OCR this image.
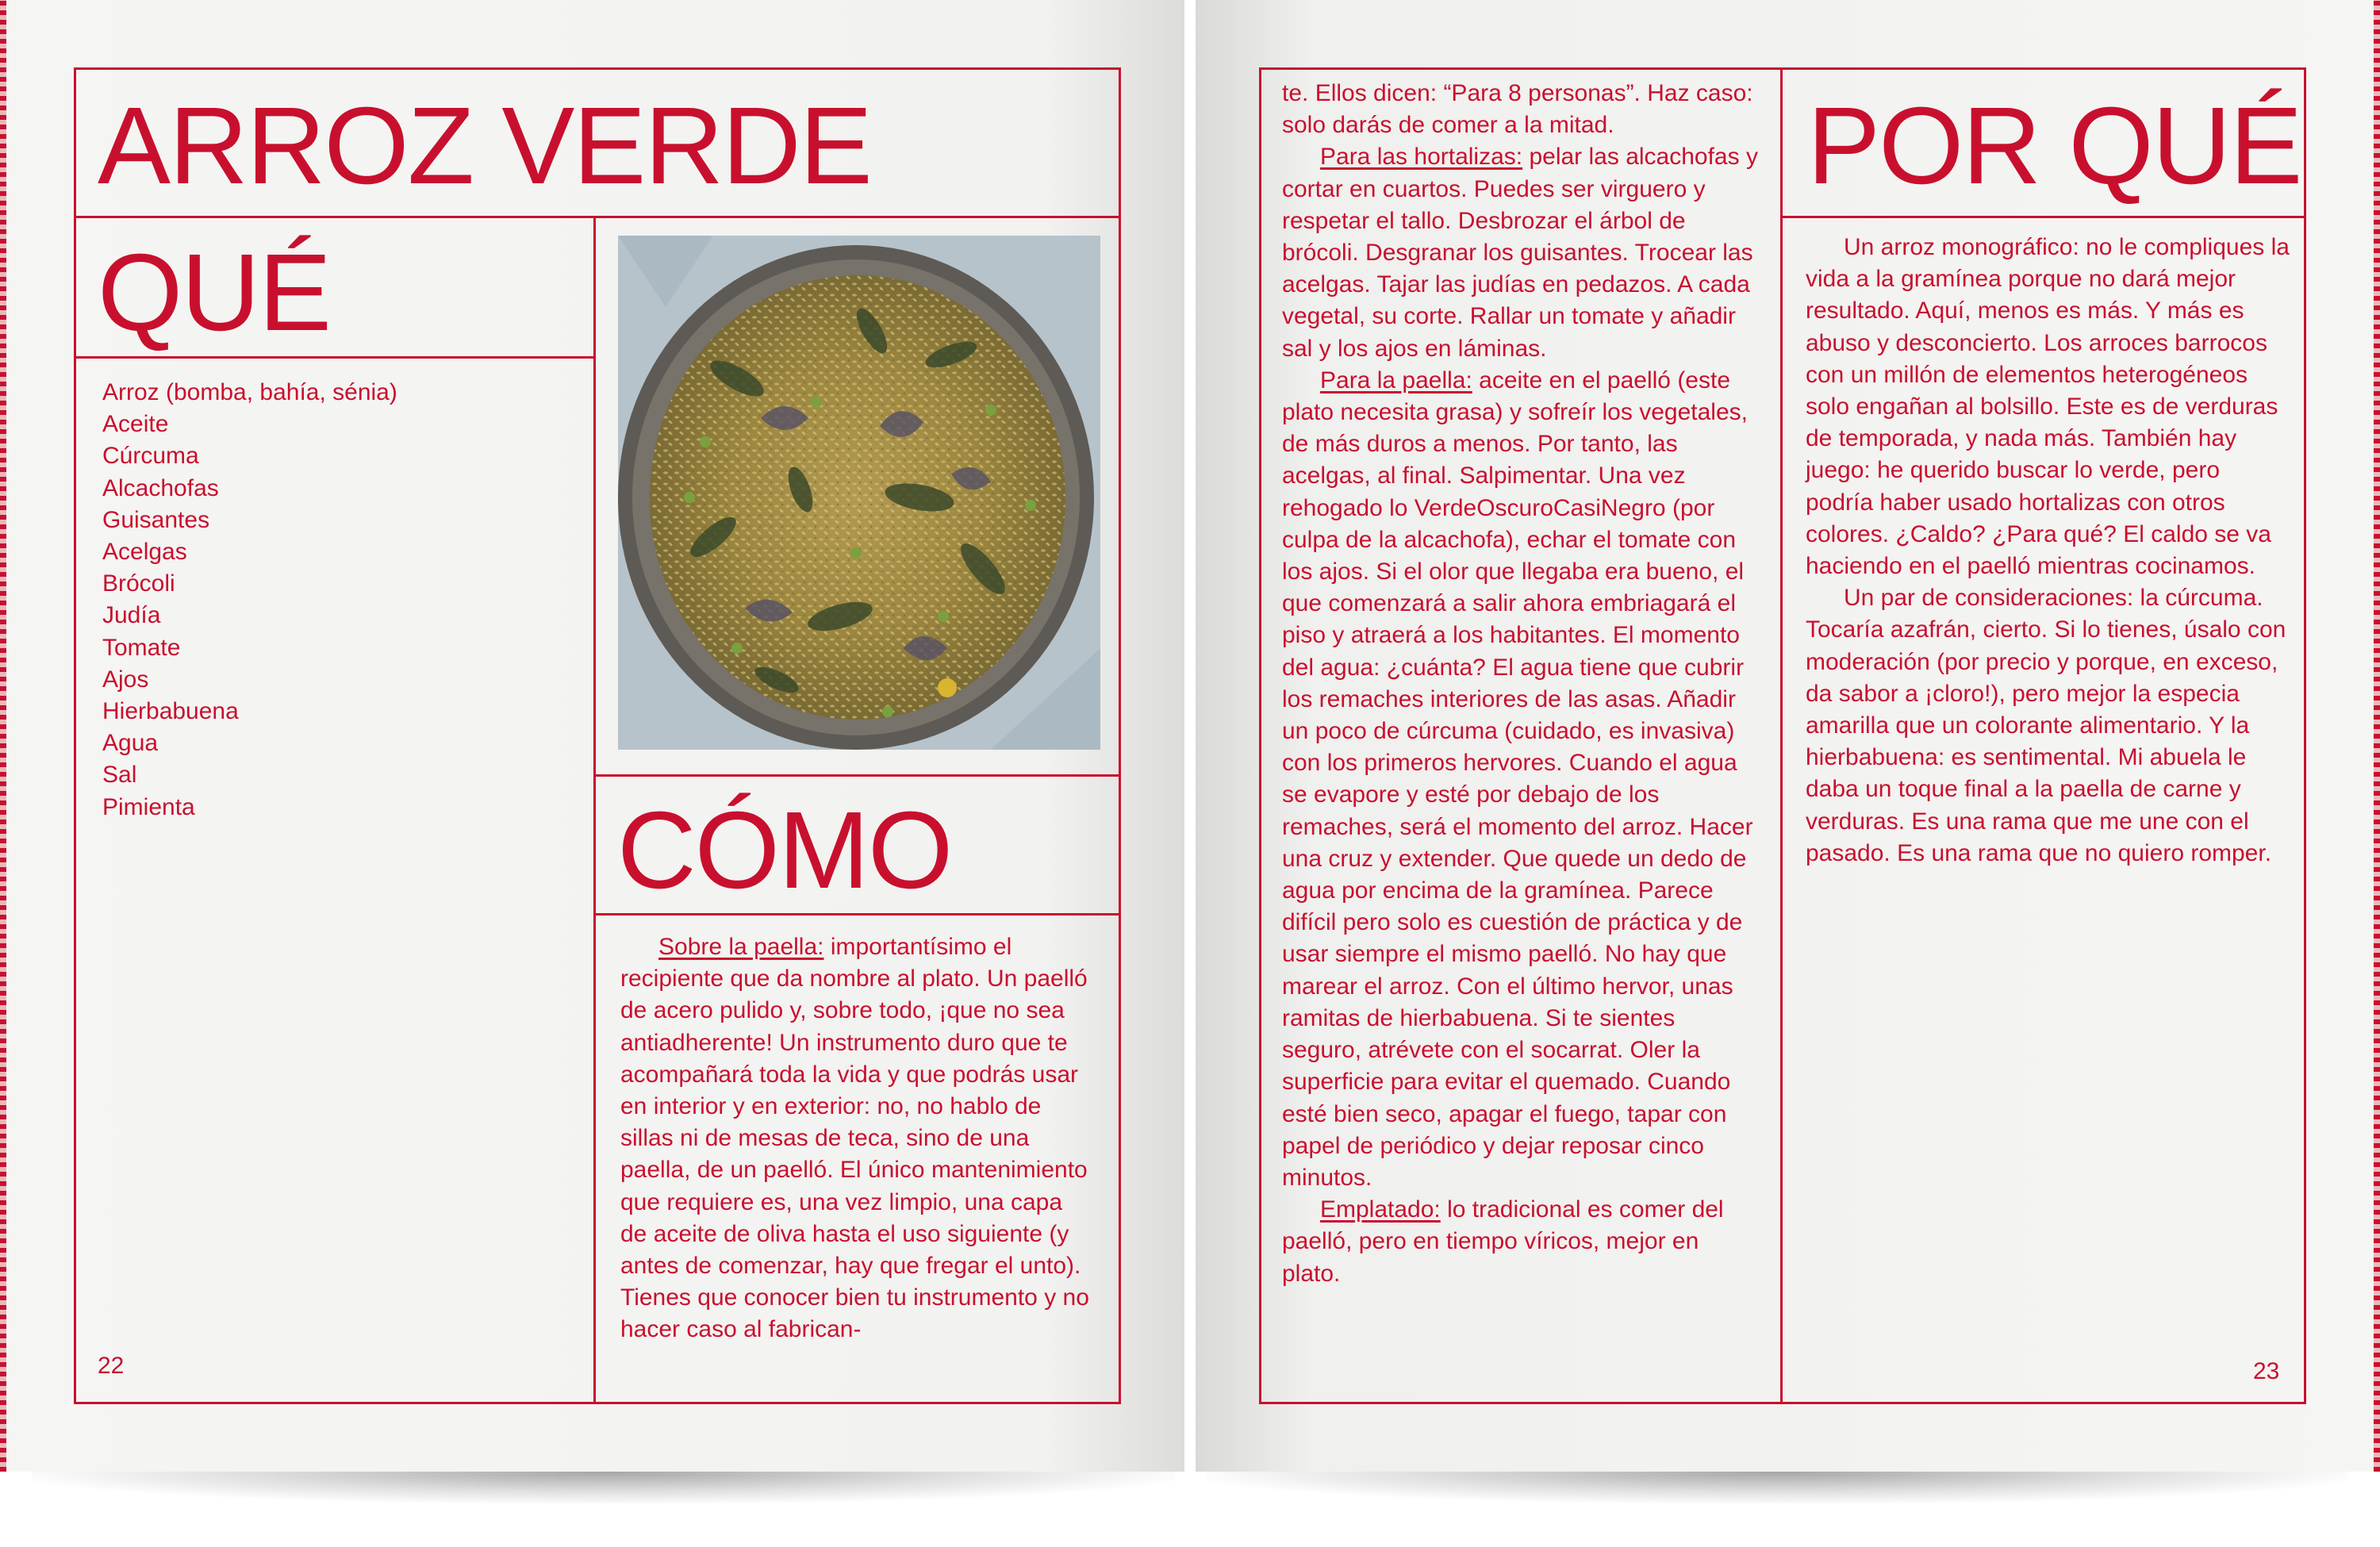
ARROZ VERDE
QUÉ
Arroz (bomba, bahía, sénia)
Aceite
Cúrcuma
Alcachofas
Guisantes
Acelgas
Brócoli
Judía
Tomate
Ajos
Hierbabuena
Agua
Sal
Pimienta	CÓMO

Sobre la paella: importantísimo el recipiente que da nombre al plato. Un paelló de acero pulido y, sobre todo, ¡que no sea antiadherente! Un instrumento duro que te acompañará toda la vida y que podrás usar en interior y en exterior: no, no hablo de sillas ni de mesas de teca, sino de una paella, de un paelló. El único mantenimiento que requiere es, una vez limpio, una capa de aceite de oliva hasta el uso siguiente (y antes de comenzar, hay que fregar el unto). Tienes que conocer bien tu instrumento y no hacer caso al fabrican-

22

te. Ellos dicen: “Para 8 personas”. Haz caso: solo darás de comer a la mitad.

Para las hortalizas: pelar las alcachofas y cortar en cuartos. Puedes ser virguero y respetar el tallo. Desbrozar el árbol de brócoli. Desgranar los guisantes. Trocear las acelgas. Tajar las judías en pedazos. A cada vegetal, su corte. Rallar un tomate y añadir sal y los ajos en láminas.

Para la paella: aceite en el paelló (este plato necesita grasa) y sofreír los vegetales, de más duros a menos. Por tanto, las acelgas, al final. Salpimentar. Una vez rehogado lo VerdeOscuroCasiNegro (por culpa de la alcachofa), echar el tomate con los ajos. Si el olor que llegaba era bueno, el que comenzará a salir ahora embriagará el piso y atraerá a los habitantes. El momento del agua: ¿cuánta? El agua tiene que cubrir los remaches interiores de las asas. Añadir un poco de cúrcuma (cuidado, es invasiva) con los primeros hervores. Cuando el agua se evapore y esté por debajo de los remaches, será el momento del arroz. Hacer una cruz y extender. Que quede un dedo de agua por encima de la gramínea. Parece difícil pero solo es cuestión de práctica y de usar siempre el mismo paelló. No hay que marear el arroz. Con el último hervor, unas ramitas de hierbabuena. Si te sientes seguro, atrévete con el socarrat. Oler la superficie para evitar el quemado. Cuando esté bien seco, apagar el fuego, tapar con papel de periódico y dejar reposar cinco minutos.

Emplatado: lo tradicional es comer del paelló, pero en tiempo víricos, mejor en plato.

POR QUÉ

Un arroz monográfico: no le compliques la vida a la gramínea porque no dará mejor resultado. Aquí, menos es más. Y más es abuso y desconcierto. Los arroces barrocos con un millón de elementos heterogéneos solo engañan al bolsillo. Este es de verduras de temporada, y nada más. También hay juego: he querido buscar lo verde, pero podría haber usado hortalizas con otros colores. ¿Caldo? ¿Para qué? El caldo se va haciendo en el paelló mientras cocinamos.

Un par de consideraciones: la cúrcuma. Tocaría azafrán, cierto. Si lo tienes, úsalo con moderación (por precio y porque, en exceso, da sabor a ¡cloro!), pero mejor la especia amarilla que un colorante alimentario. Y la hierbabuena: es sentimental. Mi abuela le daba un toque final a la paella de carne y verduras. Es una rama que me une con el pasado. Es una rama que no quiero romper.

23
